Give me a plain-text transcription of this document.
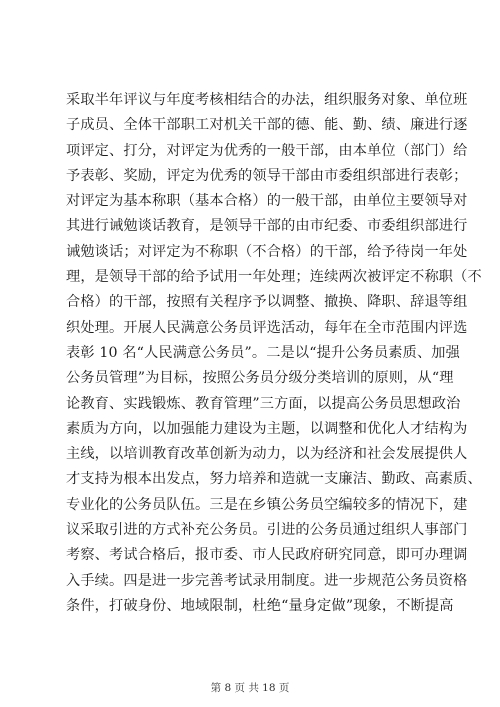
采取半年评议与年度考核相结合的办法，组织服务对象、单位班
子成员、全体干部职工对机关干部的德、能、勤、绩、廉进行逐
项评定、打分，对评定为优秀的一般干部，由本单位（部门）给
予表彰、奖励，评定为优秀的领导干部由市委组织部进行表彰；
对评定为基本称职（基本合格）的一般干部，由单位主要领导对
其进行诫勉谈话教育，是领导干部的由市纪委、市委组织部进行
诫勉谈话；对评定为不称职（不合格）的干部，给予待岗一年处
理，是领导干部的给予试用一年处理；连续两次被评定不称职（不
合格）的干部，按照有关程序予以调整、撤换、降职、辞退等组
织处理。开展人民满意公务员评选活动，每年在全市范围内评选
表彰 10 名“人民满意公务员”。二是以“提升公务员素质、加强
公务员管理”为目标，按照公务员分级分类培训的原则，从“理
论教育、实践锻炼、教育管理”三方面，以提高公务员思想政治
素质为方向，以加强能力建设为主题，以调整和优化人才结构为
主线，以培训教育改革创新为动力，以为经济和社会发展提供人
才支持为根本出发点，努力培养和造就一支廉洁、勤政、高素质、
专业化的公务员队伍。三是在乡镇公务员空编较多的情况下，建
议采取引进的方式补充公务员。引进的公务员通过组织人事部门
考察、考试合格后，报市委、市人民政府研究同意，即可办理调
入手续。四是进一步完善考试录用制度。进一步规范公务员资格
条件，打破身份、地域限制，杜绝“量身定做”现象，不断提高
第 8 页 共 18 页
